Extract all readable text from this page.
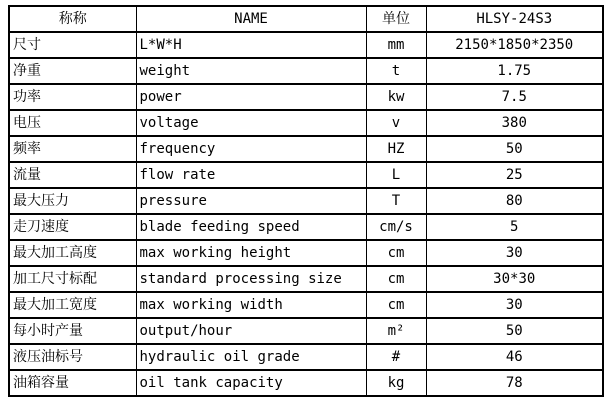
称称	NAME	单位	HLSY-24S3
尺寸	L*W*H	mm	2150*1850*2350
净重	weight	t	1.75
功率	power	kw	7.5
电压	voltage	v	380
频率	frequency	HZ	50
流量	flow rate	L	25
最大压力	pressure	T	80
走刀速度	blade feeding speed	cm/s	5
最大加工高度	max working height	cm	30
加工尺寸标配	standard processing size	cm	30*30
最大加工宽度	max working width	cm	30
每小时产量	output/hour	m²	50
液压油标号	hydraulic oil grade	#	46
油箱容量	oil tank capacity	kg	78
